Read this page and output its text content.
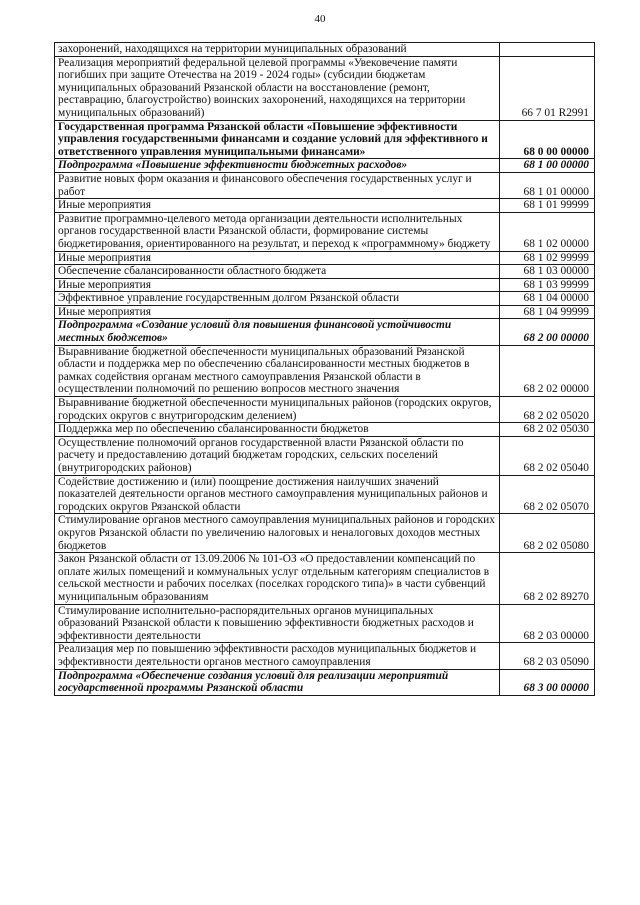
40
захоронений, находящихся на территории муниципальных образований	
Реализация мероприятий федеральной целевой программы «Увековечение памяти погибших при защите Отечества на 2019 - 2024 годы» (субсидии бюджетам муниципальных образований Рязанской области на восстановление (ремонт, реставрацию, благоустройство) воинских захоронений, находящихся на территории муниципальных образований)	66 7 01 R2991
Государственная программа Рязанской области «Повышение эффективности управления государственными финансами и создание условий для эффективного и ответственного управления муниципальными финансами»	68 0 00 00000
Подпрограмма «Повышение эффективности бюджетных расходов»	68 1 00 00000
Развитие новых форм оказания и финансового обеспечения государственных услуг и работ	68 1 01 00000
Иные мероприятия	68 1 01 99999
Развитие программно-целевого метода организации деятельности исполнительных органов государственной власти Рязанской области, формирование системы бюджетирования, ориентированного на результат, и переход к «программному» бюджету	68 1 02 00000
Иные мероприятия	68 1 02 99999
Обеспечение сбалансированности областного бюджета	68 1 03 00000
Иные мероприятия	68 1 03 99999
Эффективное управление государственным долгом Рязанской области	68 1 04 00000
Иные мероприятия	68 1 04 99999
Подпрограмма «Создание условий для повышения финансовой устойчивости местных бюджетов»	68 2 00 00000
Выравнивание бюджетной обеспеченности муниципальных образований Рязанской области и поддержка мер по обеспечению сбалансированности местных бюджетов в рамках содействия органам местного самоуправления Рязанской области в осуществлении полномочий по решению вопросов местного значения	68 2 02 00000
Выравнивание бюджетной обеспеченности муниципальных районов (городских округов, городских округов с внутригородским делением)	68 2 02 05020
Поддержка мер по обеспечению сбалансированности бюджетов	68 2 02 05030
Осуществление полномочий органов государственной власти Рязанской области по расчету и предоставлению дотаций бюджетам городских, сельских поселений (внутригородских районов)	68 2 02 05040
Содействие достижению и (или) поощрение достижения наилучших значений показателей деятельности органов местного самоуправления муниципальных районов и городских округов Рязанской области	68 2 02 05070
Стимулирование органов местного самоуправления муниципальных районов и городских округов Рязанской области по увеличению налоговых и неналоговых доходов местных бюджетов	68 2 02 05080
Закон Рязанской области от 13.09.2006 № 101-ОЗ «О предоставлении компенсаций по оплате жилых помещений и коммунальных услуг отдельным категориям специалистов в сельской местности и рабочих поселках (поселках городского типа)» в части субвенций муниципальным образованиям	68 2 02 89270
Стимулирование исполнительно-распорядительных органов муниципальных образований Рязанской области к повышению эффективности бюджетных расходов и эффективности деятельности	68 2 03 00000
Реализация мер по повышению эффективности расходов муниципальных бюджетов и эффективности деятельности органов местного самоуправления	68 2 03 05090
Подпрограмма «Обеспечение создания условий для реализации мероприятий государственной программы Рязанской области	68 3 00 00000
